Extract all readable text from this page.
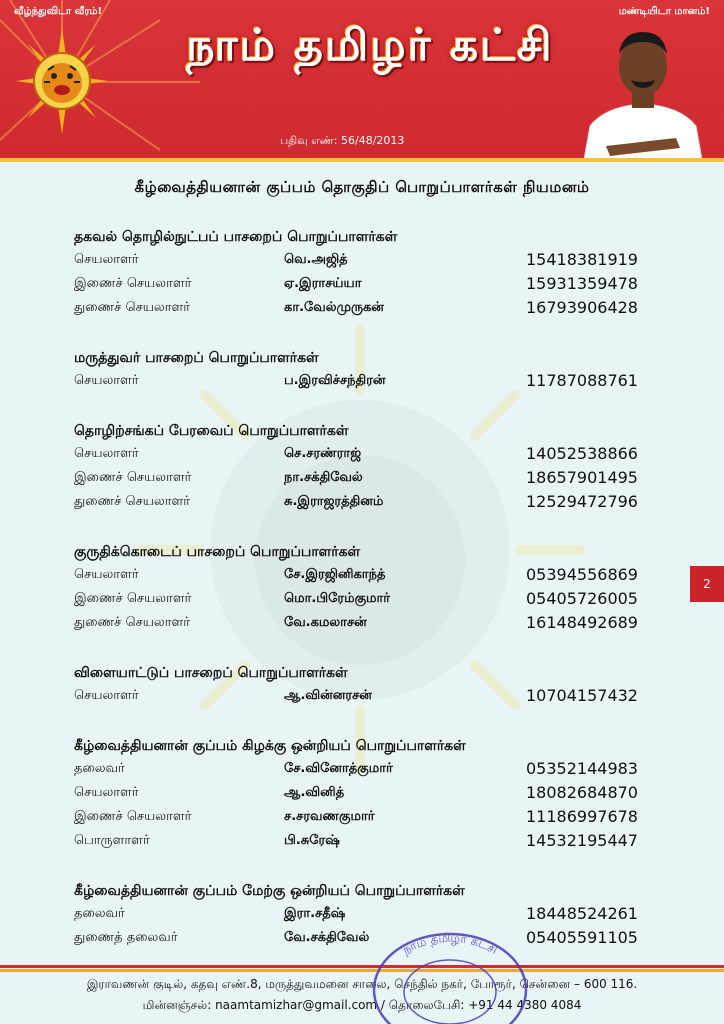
வீழ்ந்துவிடா வீரம்!	மண்டியிடா மானம்!
நாம் தமிழர் கட்சி
பதிவு எண்: 56/48/2013
கீழ்வைத்தியனான் குப்பம் தொகுதிப் பொறுப்பாளர்கள் நியமனம்
தகவல் தொழில்நுட்பப் பாசறைப் பொறுப்பாளர்கள்
செயலாளர்	வெ.அஜித்	15418381919
இணைச் செயலாளர்	ஏ.இராசய்யா	15931359478
துணைச் செயலாளர்	கா.வேல்முருகன்	16793906428
மருத்துவர் பாசறைப் பொறுப்பாளர்கள்
செயலாளர்	ப.இரவிச்சந்திரன்	11787088761
தொழிற்சங்கப் பேரவைப் பொறுப்பாளர்கள்
செயலாளர்	செ.சரண்ராஜ்	14052538866
இணைச் செயலாளர்	நா.சக்திவேல்	18657901495
துணைச் செயலாளர்	சு.இராஜரத்தினம்	12529472796
குருதிக்கொடைப் பாசறைப் பொறுப்பாளர்கள்
செயலாளர்	சே.இரஜினிகாந்த்	05394556869
இணைச் செயலாளர்	மொ.பிரேம்குமார்	05405726005
துணைச் செயலாளர்	வே.கமலாசன்	16148492689
விளையாட்டுப் பாசறைப் பொறுப்பாளர்கள்
செயலாளர்	ஆ.வின்னரசன்	10704157432
கீழ்வைத்தியனான் குப்பம் கிழக்கு ஒன்றியப் பொறுப்பாளர்கள்
தலைவர்	சே.வினோத்குமார்	05352144983
செயலாளர்	ஆ.வினித்	18082684870
இணைச் செயலாளர்	ச.சரவணகுமார்	11186997678
பொருளாளர்	பி.சுரேஷ்	14532195447
கீழ்வைத்தியனான் குப்பம் மேற்கு ஒன்றியப் பொறுப்பாளர்கள்
தலைவர்	இரா.சதீஷ்	18448524261
துணைத் தலைவர்	வே.சக்திவேல்	05405591105
2
இராவணன் குடில், கதவு எண்.8, மருத்துவமனை சாலை, செந்தில் நகர், போரூர், சென்னை – 600 116.
மின்னஞ்சல்: naamtamizhar@gmail.com / தொலைபேசி: +91 44 4380 4084
நாம் தமிழர் கட்சி
